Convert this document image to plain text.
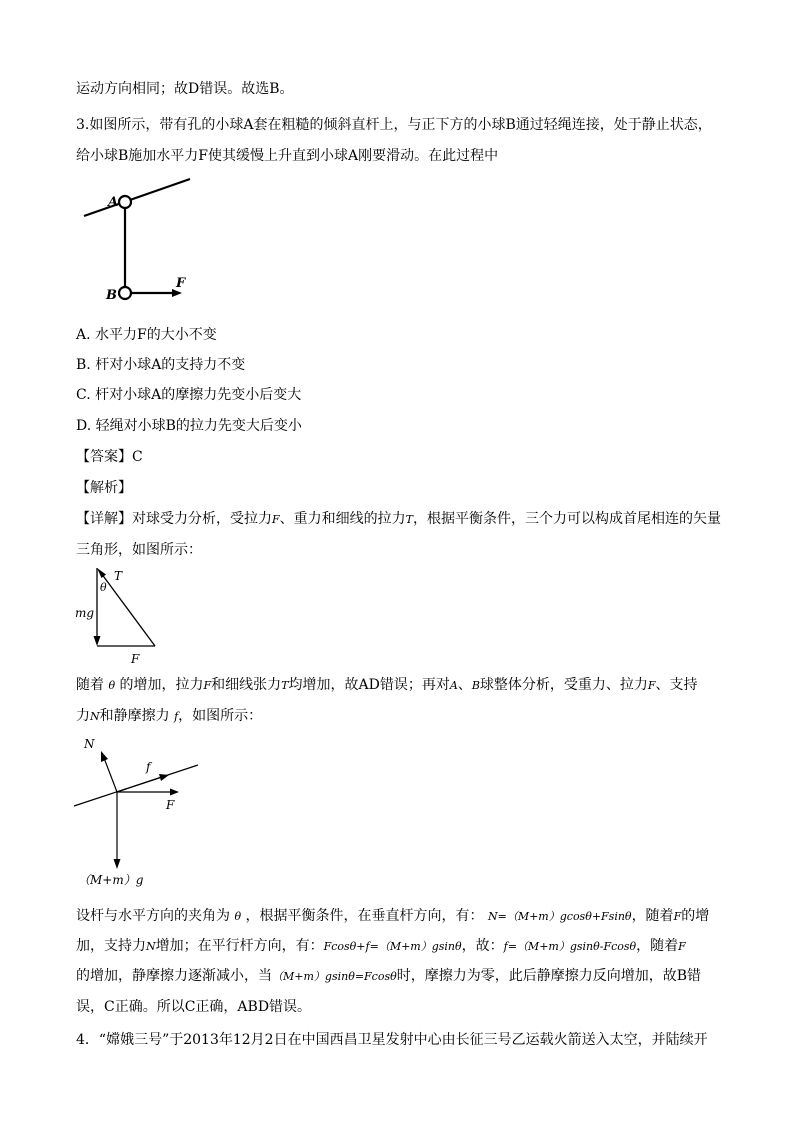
运动方向相同；故D错误。故选B。
3.如图所示，带有孔的小球A套在粗糙的倾斜直杆上，与正下方的小球B通过轻绳连接，处于静止状态，
给小球B施加水平力F使其缓慢上升直到小球A刚要滑动。在此过程中
A
B
F
A. 水平力F的大小不变
B. 杆对小球A的支持力不变
C. 杆对小球A的摩擦力先变小后变大
D. 轻绳对小球B的拉力先变大后变小
【答案】C
【解析】
【详解】对球受力分析，受拉力F、重力和细线的拉力T，根据平衡条件，三个力可以构成首尾相连的矢量
三角形，如图所示：
T
θ
mg
F
随着 θ 的增加，拉力F和细线张力T均增加，故AD错误；再对A、B球整体分析，受重力、拉力F、支持
力N和静摩擦力 f，如图所示：
N
f
F
（M+m）g
设杆与水平方向的夹角为 θ ，根据平衡条件，在垂直杆方向，有： N=（M+m）gcosθ+Fsinθ，随着F的增
加，支持力N增加；在平行杆方向，有：Fcosθ+f=（M+m）gsinθ，故：f=（M+m）gsinθ-Fcosθ，随着F
的增加，静摩擦力逐渐减小，当（M+m）gsinθ=Fcosθ时，摩擦力为零，此后静摩擦力反向增加，故B错
误，C正确。所以C正确，ABD错误。
4．“嫦娥三号”于2013年12月2日在中国西昌卫星发射中心由长征三号乙运载火箭送入太空，并陆续开
